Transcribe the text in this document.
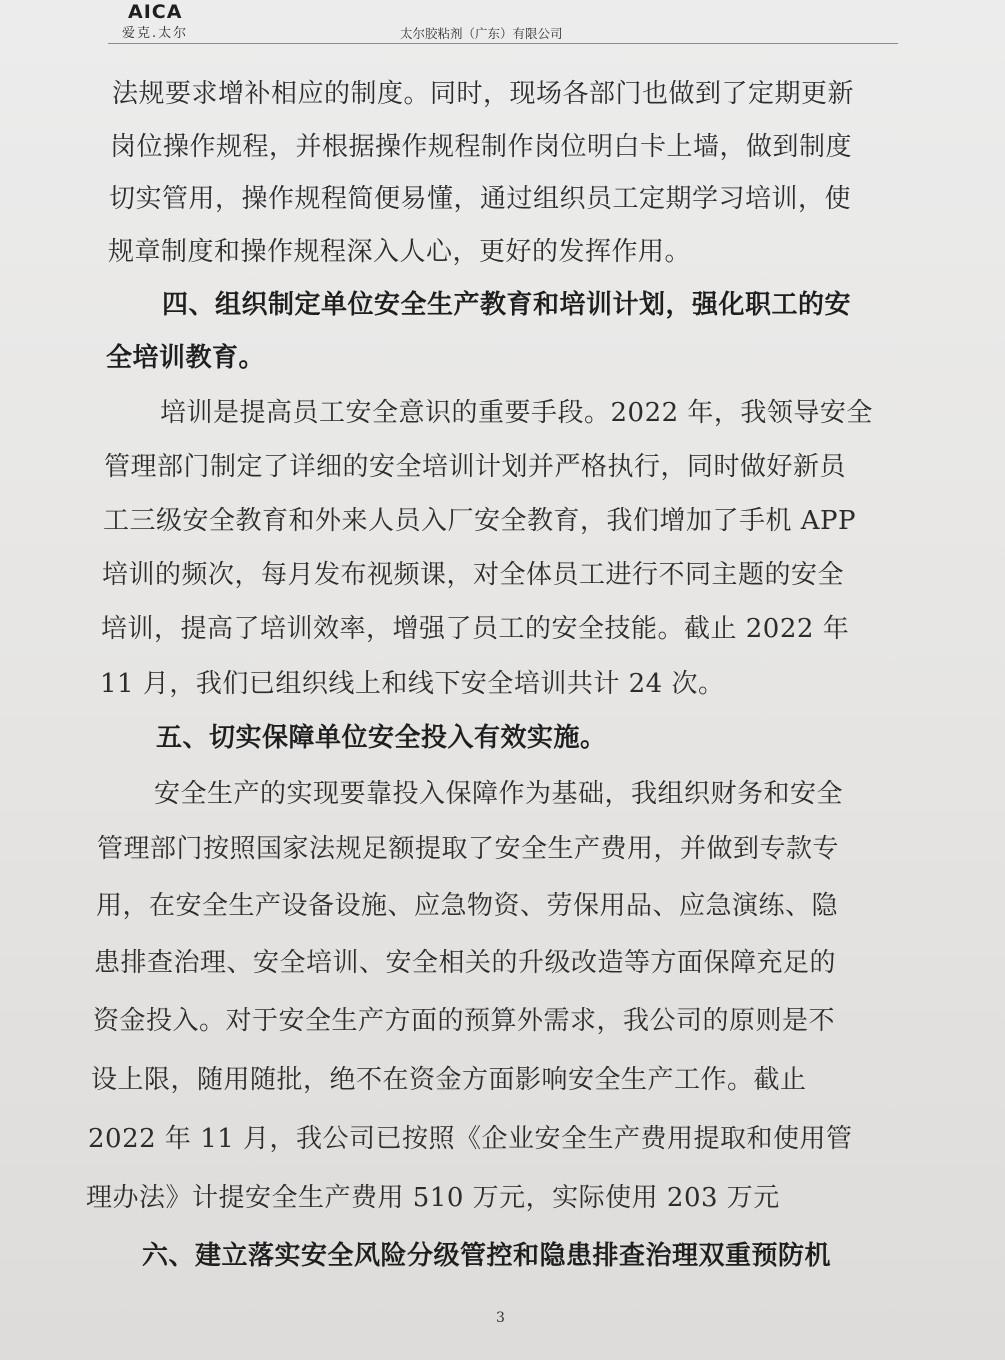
AICA
爱克.太尔	太尔胶粘剂（广东）有限公司
法规要求增补相应的制度。同时，现场各部门也做到了定期更新
岗位操作规程，并根据操作规程制作岗位明白卡上墙，做到制度
切实管用，操作规程简便易懂，通过组织员工定期学习培训，使
规章制度和操作规程深入人心，更好的发挥作用。
四、组织制定单位安全生产教育和培训计划，强化职工的安
全培训教育。
培训是提高员工安全意识的重要手段。2022 年，我领导安全
管理部门制定了详细的安全培训计划并严格执行，同时做好新员
工三级安全教育和外来人员入厂安全教育，我们增加了手机 APP
培训的频次，每月发布视频课，对全体员工进行不同主题的安全
培训，提高了培训效率，增强了员工的安全技能。截止 2022 年
11 月，我们已组织线上和线下安全培训共计 24 次。
五、切实保障单位安全投入有效实施。
安全生产的实现要靠投入保障作为基础，我组织财务和安全
管理部门按照国家法规足额提取了安全生产费用，并做到专款专
用，在安全生产设备设施、应急物资、劳保用品、应急演练、隐
患排查治理、安全培训、安全相关的升级改造等方面保障充足的
资金投入。对于安全生产方面的预算外需求，我公司的原则是不
设上限，随用随批，绝不在资金方面影响安全生产工作。截止
2022 年 11 月，我公司已按照《企业安全生产费用提取和使用管
理办法》计提安全生产费用 510 万元，实际使用 203 万元
六、建立落实安全风险分级管控和隐患排查治理双重预防机
3
